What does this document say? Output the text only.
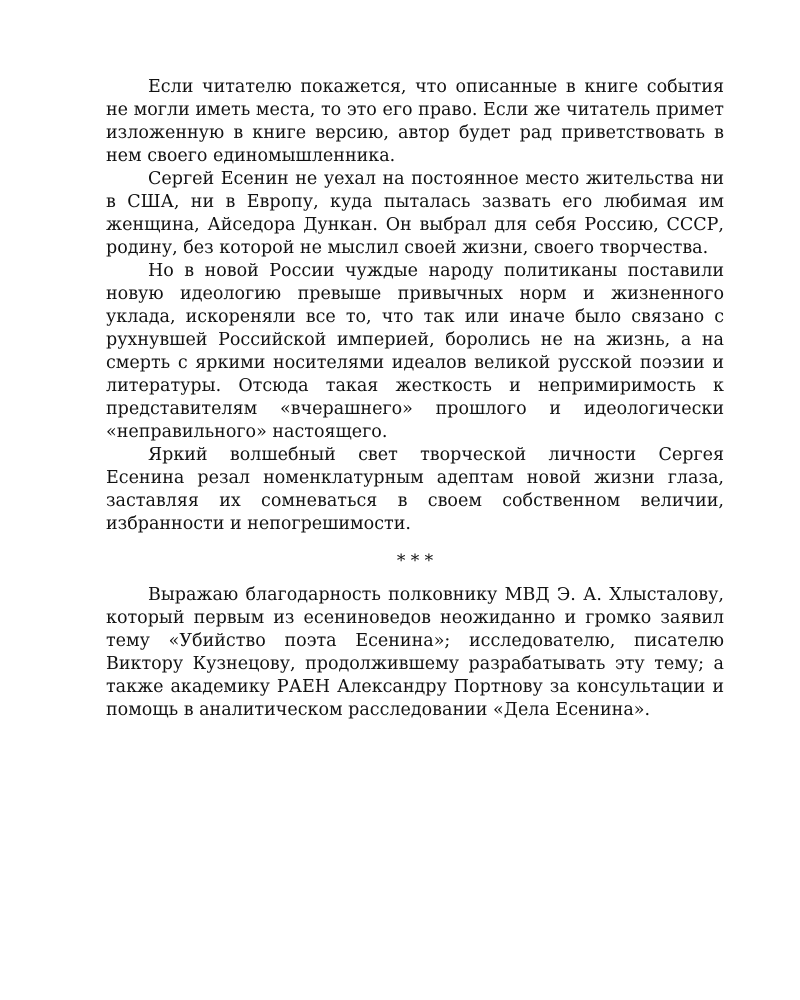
Если читателю покажется, что описанные в книге события не могли иметь места, то это его право. Если же читатель примет изложенную в книге версию, автор будет рад приветствовать в нем своего единомышленника.

Сергей Есенин не уехал на постоянное место жительства ни в США, ни в Европу, куда пыталась зазвать его любимая им женщина, Айседора Дункан. Он выбрал для себя Россию, СССР, родину, без которой не мыслил своей жизни, своего творчества.

Но в новой России чуждые народу политиканы поставили новую идеологию превыше привычных норм и жизненного уклада, искореняли все то, что так или иначе было связано с рухнувшей Российской империей, боролись не на жизнь, а на смерть с яркими носителями идеалов великой русской поэзии и литературы. Отсюда такая жесткость и непримиримость к представителям «вчерашнего» прошлого и идеологически «неправильного» настоящего.

Яркий волшебный свет творческой личности Сергея Есенина резал номенклатурным адептам новой жизни глаза, заставляя их сомневаться в своем собственном величии, избранности и непогрешимости.

* * *

Выражаю благодарность полковнику МВД Э. А. Хлысталову, который первым из есениноведов неожиданно и громко заявил тему «Убийство поэта Есенина»; исследователю, писателю Виктору Кузнецову, продолжившему разрабатывать эту тему; а также академику РАЕН Александру Портнову за консультации и помощь в аналитическом расследовании «Дела Есенина».
